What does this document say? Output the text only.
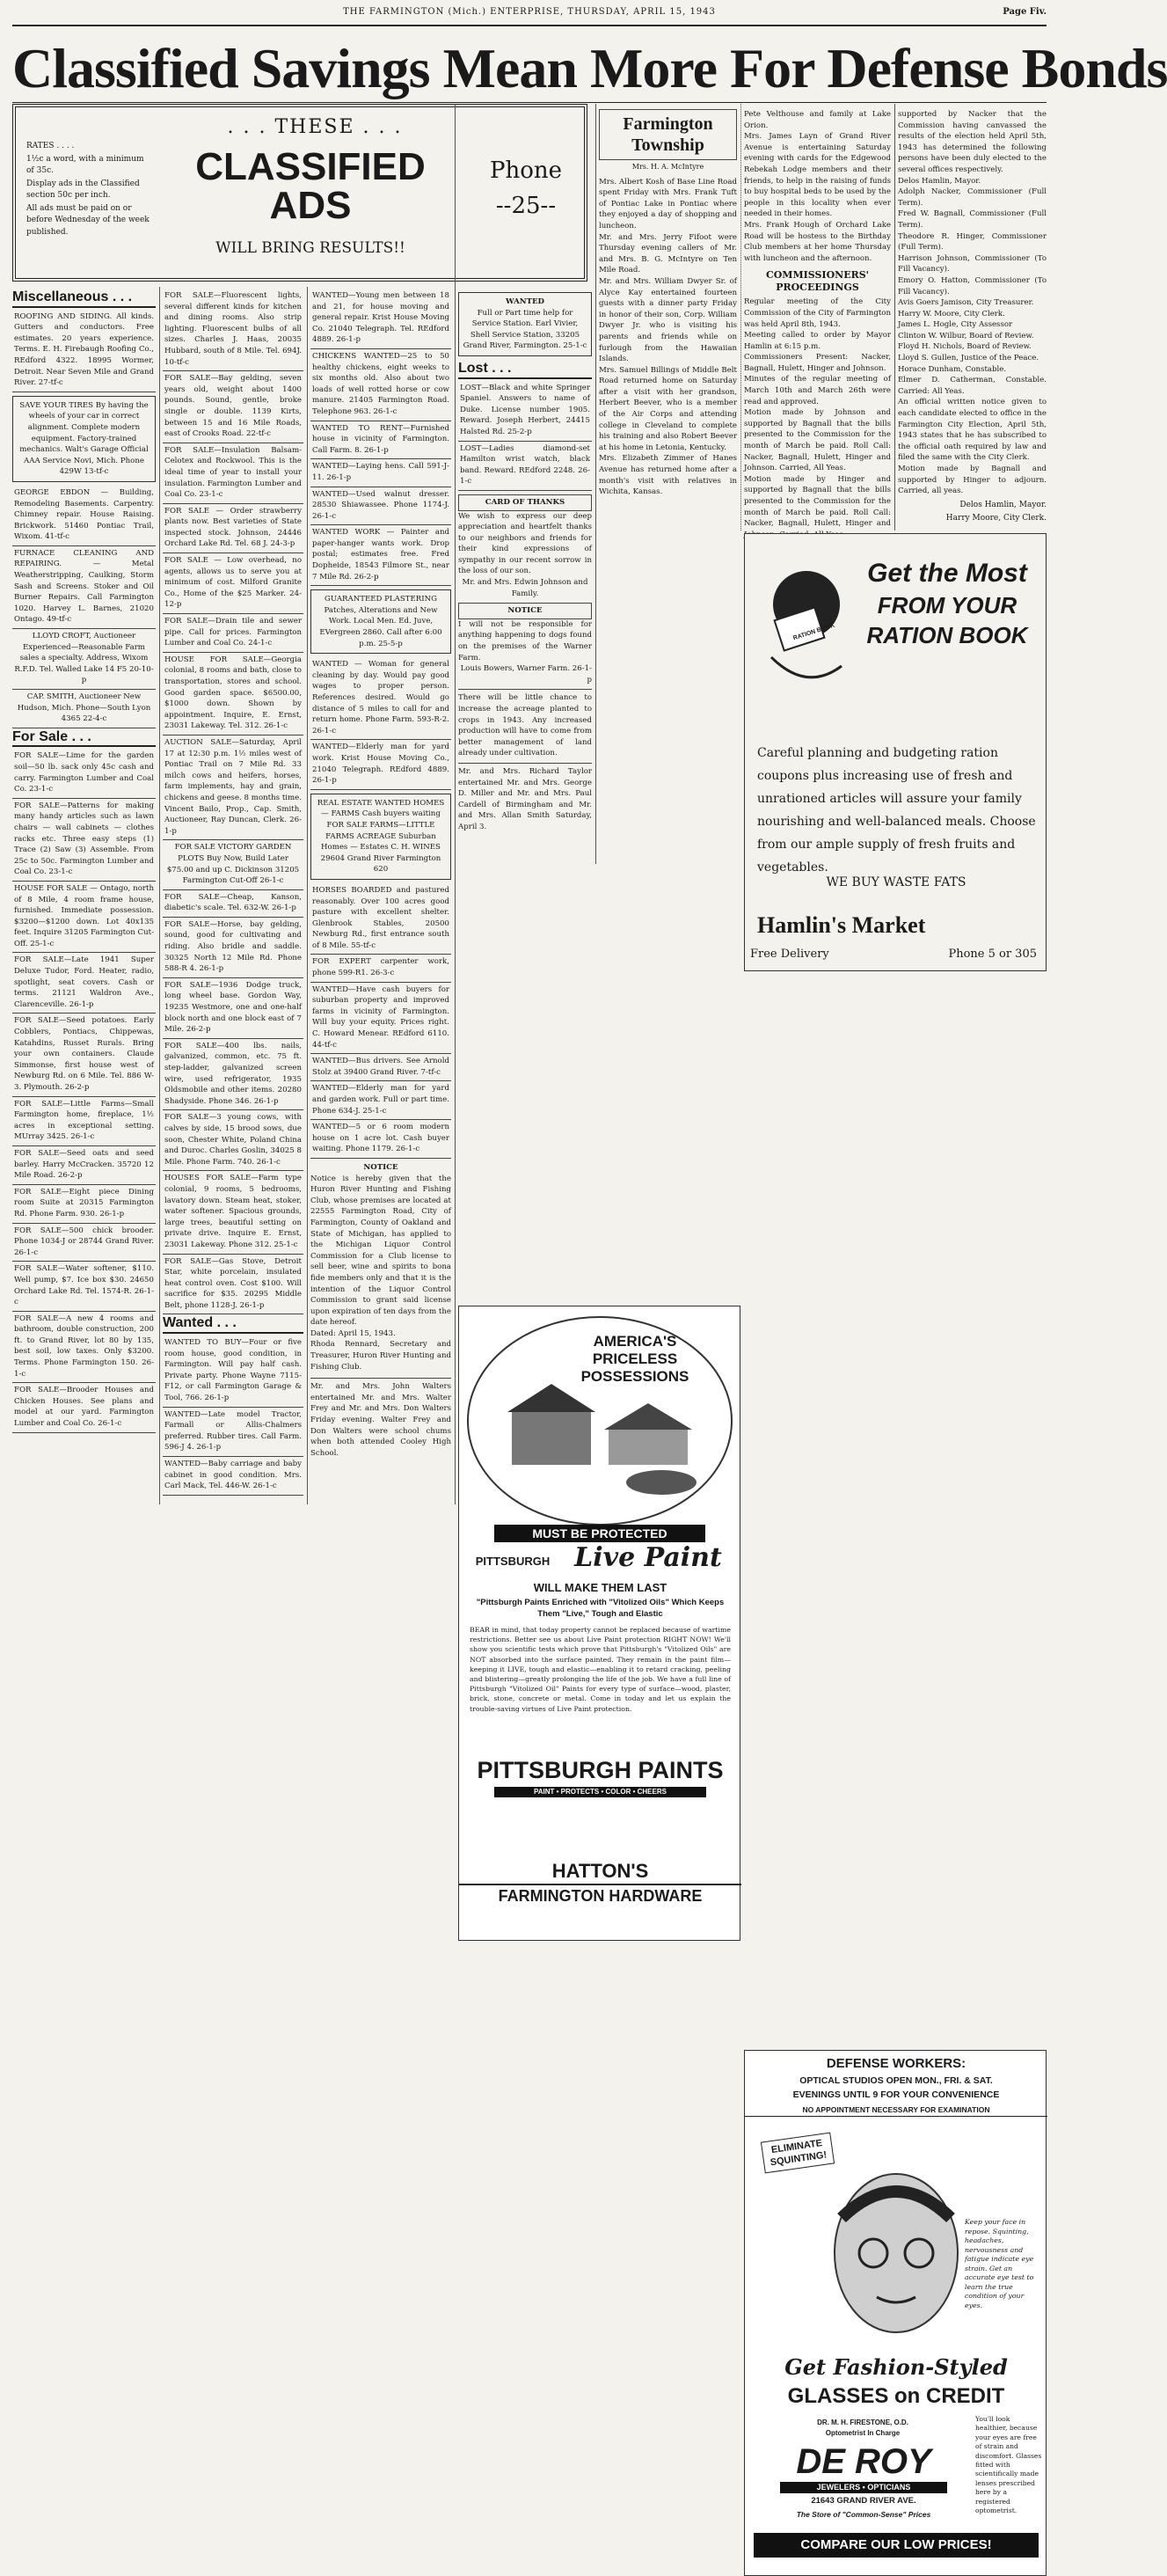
THE FARMINGTON (Mich.) ENTERPRISE, THURSDAY, APRIL 15, 1943	Page Fiv.
Classified Savings Mean More For Defense Bonds
RATES . . . .
1½c a word, with a minimum of 35c.
Display ads in the Classified section 50c per inch.
All ads must be paid on or before Wednesday of the week published.
. . . THESE . . .
CLASSIFIED
ADS
WILL BRING RESULTS!!
Phone
--25--
Miscellaneous . . .
ROOFING AND SIDING. All kinds. Gutters and conductors. Free estimates. 20 years experience. Terms. E. H. Firebaugh Roofing Co., REdford 4322. 18995 Wormer, Detroit. Near Seven Mile and Grand River. 27-tf-c
SAVE YOUR TIRES By having the wheels of your car in correct alignment. Complete modern equipment. Factory-trained mechanics. Walt's Garage Official AAA Service Novi, Mich. Phone 429W 13-tf-c
GEORGE EBDON — Building, Remodeling Basements. Carpentry. Chimney repair. House Raising. Brickwork. 51460 Pontiac Trail, Wixom. 41-tf-c
FURNACE CLEANING AND REPAIRING. — Metal Weatherstripping, Caulking, Storm Sash and Screens. Stoker and Oil Burner Repairs. Call Farmington 1020. Harvey L. Barnes, 21020 Ontago. 49-tf-c
LLOYD CROFT, Auctioneer Experienced—Reasonable Farm sales a specialty. Address, Wixom R.F.D. Tel. Walled Lake 14 F5 20-10-p
CAP. SMITH, Auctioneer New Hudson, Mich. Phone—South Lyon 4365 22-4-c
For Sale . . .
FOR SALE—Lime for the garden soil—50 lb. sack only 45c cash and carry. Farmington Lumber and Coal Co. 23-1-c
FOR SALE—Patterns for making many handy articles such as lawn chairs — wall cabinets — clothes racks etc. Three easy steps (1) Trace (2) Saw (3) Assemble. From 25c to 50c. Farmington Lumber and Coal Co. 23-1-c
HOUSE FOR SALE — Ontago, north of 8 Mile, 4 room frame house, furnished. Immediate possession. $3200—$1200 down. Lot 40x135 feet. Inquire 31205 Farmington Cut-Off. 25-1-c
FOR SALE—Late 1941 Super Deluxe Tudor, Ford. Heater, radio, spotlight, seat covers. Cash or terms. 21121 Waldron Ave., Clarenceville. 26-1-p
FOR SALE—Seed potatoes. Early Cobblers, Pontiacs, Chippewas, Katahdins, Russet Rurals. Bring your own containers. Claude Simmonse, first house west of Newburg Rd. on 6 Mile. Tel. 886 W-3. Plymouth. 26-2-p
FOR SALE—Little Farms—Small Farmington home, fireplace, 1½ acres in exceptional setting. MUrray 3425. 26-1-c
FOR SALE—Seed oats and seed barley. Harry McCracken. 35720 12 Mile Road. 26-2-p
FOR SALE—Eight piece Dining room Suite at 20315 Farmington Rd. Phone Farm. 930. 26-1-p
FOR SALE—500 chick brooder. Phone 1034-J or 28744 Grand River. 26-1-c
FOR SALE—Water softener, $110. Well pump, $7. Ice box $30. 24650 Orchard Lake Rd. Tel. 1574-R. 26-1-c
FOR SALE—A new 4 rooms and bathroom, double construction, 200 ft. to Grand River, lot 80 by 135, best soil, low taxes. Only $3200. Terms. Phone Farmington 150. 26-1-c
FOR SALE—Brooder Houses and Chicken Houses. See plans and model at our yard. Farmington Lumber and Coal Co. 26-1-c
FOR SALE—Fluorescent lights, several different kinds for kitchen and dining rooms. Also strip lighting. Fluorescent bulbs of all sizes. Charles J. Haas, 20035 Hubbard, south of 8 Mile. Tel. 694J. 10-tf-c
FOR SALE—Bay gelding, seven years old, weight about 1400 pounds. Sound, gentle, broke single or double. 1139 Kirts, between 15 and 16 Mile Roads, east of Crooks Road. 22-tf-c
FOR SALE—Insulation Balsam-Celotex and Rockwool. This is the ideal time of year to install your insulation. Farmington Lumber and Coal Co. 23-1-c
FOR SALE — Order strawberry plants now. Best varieties of State inspected stock. Johnson, 24446 Orchard Lake Rd. Tel. 68 J. 24-3-p
FOR SALE — Low overhead, no agents, allows us to serve you at minimum of cost. Milford Granite Co., Home of the $25 Marker. 24-12-p
FOR SALE—Drain tile and sewer pipe. Call for prices. Farmington Lumber and Coal Co. 24-1-c
HOUSE FOR SALE—Georgia colonial, 8 rooms and bath, close to transportation, stores and school. Good garden space. $6500.00, $1000 down. Shown by appointment. Inquire, E. Ernst, 23031 Lakeway. Tel. 312. 26-1-c
AUCTION SALE—Saturday, April 17 at 12:30 p.m. 1½ miles west of Pontiac Trail on 7 Mile Rd. 33 milch cows and heifers, horses, farm implements, hay and grain, chickens and geese. 8 months time. Vincent Bailo, Prop., Cap. Smith, Auctioneer, Ray Duncan, Clerk. 26-1-p
FOR SALE VICTORY GARDEN PLOTS Buy Now, Build Later $75.00 and up C. Dickinson 31205 Farmington Cut-Off 26-1-c
FOR SALE—Cheap, Kanson, diabetic's scale. Tel. 632-W. 26-1-p
FOR SALE—Horse, bay gelding, sound, good for cultivating and riding. Also bridle and saddle. 30325 North 12 Mile Rd. Phone 588-R 4. 26-1-p
FOR SALE—1936 Dodge truck, long wheel base. Gordon Way, 19235 Westmore, one and one-half block north and one block east of 7 Mile. 26-2-p
FOR SALE—400 lbs. nails, galvanized, common, etc. 75 ft. step-ladder, galvanized screen wire, used refrigerator, 1935 Oldsmobile and other items. 20280 Shadyside. Phone 346. 26-1-p
FOR SALE—3 young cows, with calves by side, 15 brood sows, due soon, Chester White, Poland China and Duroc. Charles Goslin, 34025 8 Mile. Phone Farm. 740. 26-1-c
HOUSES FOR SALE—Farm type colonial, 9 rooms, 5 bedrooms, lavatory down. Steam heat, stoker, water softener. Spacious grounds, large trees, beautiful setting on private drive. Inquire E. Ernst, 23031 Lakeway. Phone 312. 25-1-c
FOR SALE—Gas Stove, Detroit Star, white porcelain, insulated heat control oven. Cost $100. Will sacrifice for $35. 20295 Middle Belt, phone 1128-J. 26-1-p
Wanted . . .
WANTED TO BUY—Four or five room house, good condition, in Farmington. Will pay half cash. Private party. Phone Wayne 7115-F12, or call Farmington Garage & Tool, 766. 26-1-p
WANTED—Late model Tractor, Farmall or Allis-Chalmers preferred. Rubber tires. Call Farm. 596-J 4. 26-1-p
WANTED—Baby carriage and baby cabinet in good condition. Mrs. Carl Mack, Tel. 446-W. 26-1-c
WANTED—Young men between 18 and 21, for house moving and general repair. Krist House Moving Co. 21040 Telegraph. Tel. REdford 4889. 26-1-p
CHICKENS WANTED—25 to 50 healthy chickens, eight weeks to six months old. Also about two loads of well rotted horse or cow manure. 21405 Farmington Road. Telephone 963. 26-1-c
WANTED TO RENT—Furnished house in vicinity of Farmington. Call Farm. 8. 26-1-p
WANTED—Laying hens. Call 591-J-11. 26-1-p
WANTED—Used walnut dresser. 28530 Shiawassee. Phone 1174-J. 26-1-c
WANTED WORK — Painter and paper-hanger wants work. Drop postal; estimates free. Fred Dopheide, 18543 Filmore St., near 7 Mile Rd. 26-2-p
GUARANTEED PLASTERING Patches, Alterations and New Work. Local Men. Ed. Juve, EVergreen 2860. Call after 6:00 p.m. 25-5-p
WANTED — Woman for general cleaning by day. Would pay good wages to proper person. References desired. Would go distance of 5 miles to call for and return home. Phone Farm. 593-R-2. 26-1-c
WANTED—Elderly man for yard work. Krist House Moving Co., 21040 Telegraph. REdford 4889. 26-1-p
REAL ESTATE WANTED HOMES — FARMS Cash buyers waiting FOR SALE FARMS—LITTLE FARMS ACREAGE Suburban Homes — Estates C. H. WINES 29604 Grand River Farmington 620
HORSES BOARDED and pastured reasonably. Over 100 acres good pasture with excellent shelter. Glenbrook Stables, 20500 Newburg Rd., first entrance south of 8 Mile. 55-tf-c
FOR EXPERT carpenter work, phone 599-R1. 26-3-c
WANTED—Have cash buyers for suburban property and improved farms in vicinity of Farmington. Will buy your equity. Prices right. C. Howard Menear. REdford 6110. 44-tf-c
WANTED—Bus drivers. See Arnold Stolz at 39400 Grand River. 7-tf-c
WANTED—Elderly man for yard and garden work. Full or part time. Phone 634-J. 25-1-c
WANTED—5 or 6 room modern house on 1 acre lot. Cash buyer waiting. Phone 1179. 26-1-c
NOTICE
Notice is hereby given that the Huron River Hunting and Fishing Club, whose premises are located at 22555 Farmington Road, City of Farmington, County of Oakland and State of Michigan, has applied to the Michigan Liquor Control Commission for a Club license to sell beer, wine and spirits to bona fide members only and that it is the intention of the Liquor Control Commission to grant said license upon expiration of ten days from the date hereof.
Dated: April 15, 1943.
Rhoda Rennard, Secretary and Treasurer, Huron River Hunting and Fishing Club.
Mr. and Mrs. John Walters entertained Mr. and Mrs. Walter Frey and Mr. and Mrs. Don Walters Friday evening. Walter Frey and Don Walters were school chums when both attended Cooley High School.
WANTED
Full or Part time help for Service Station. Earl Vivier, Shell Service Station, 33205 Grand River, Farmington. 25-1-c
Lost . . .
LOST—Black and white Springer Spaniel. Answers to name of Duke. License number 1905. Reward. Joseph Herbert, 24415 Halsted Rd. 25-2-p
LOST—Ladies diamond-set Hamilton wrist watch, black band. Reward. REdford 2248. 26-1-c
CARD OF THANKS
We wish to express our deep appreciation and heartfelt thanks to our neighbors and friends for their kind expressions of sympathy in our recent sorrow in the loss of our son.
Mr. and Mrs. Edwin Johnson and Family.
NOTICE
I will not be responsible for anything happening to dogs found on the premises of the Warner Farm.
Louis Bowers, Warner Farm. 26-1-p
There will be little chance to increase the acreage planted to crops in 1943. Any increased production will have to come from better management of land already under cultivation.
Mr. and Mrs. Richard Taylor entertained Mr. and Mrs. George D. Miller and Mr. and Mrs. Paul Cardell of Birmingham and Mr. and Mrs. Allan Smith Saturday, April 3.
Farmington Township
Mrs. H. A. McIntyre
Mrs. Albert Kosh of Base Line Road spent Friday with Mrs. Frank Tuft of Pontiac Lake in Pontiac where they enjoyed a day of shopping and luncheon.
Mr. and Mrs. Jerry Fifoot were Thursday evening callers of Mr. and Mrs. B. G. McIntyre on Ten Mile Road.
Mr. and Mrs. William Dwyer Sr. of Alyce Kay entertained fourteen guests with a dinner party Friday in honor of their son, Corp. William Dwyer Jr. who is visiting his parents and friends while on furlough from the Hawaiian Islands.
Mrs. Samuel Billings of Middle Belt Road returned home on Saturday after a visit with her grandson, Herbert Beever, who is a member of the Air Corps and attending college in Cleveland to complete his training and also Robert Beever at his home in Letonia, Kentucky.
Mrs. Elizabeth Zimmer of Hanes Avenue has returned home after a month's visit with relatives in Wichita, Kansas.
Pete Velthouse and family at Lake Orion.
Mrs. James Layn of Grand River Avenue is entertaining Saturday evening with cards for the Edgewood Rebekah Lodge members and their friends, to help in the raising of funds to buy hospital beds to be used by the people in this locality when ever needed in their homes.
Mrs. Frank Hough of Orchard Lake Road will be hostess to the Birthday Club members at her home Thursday with luncheon and the afternoon.
COMMISSIONERS' PROCEEDINGS
Regular meeting of the City Commission of the City of Farmington was held April 8th, 1943.
Meeting called to order by Mayor Hamlin at 6:15 p.m.
Commissioners Present: Nacker, Bagnall, Hulett, Hinger and Johnson.
Minutes of the regular meeting of March 10th and March 26th were read and approved.
Motion made by Johnson and supported by Bagnall that the bills presented to the Commission for the month of March be paid. Roll Call: Nacker, Bagnall, Hulett, Hinger and Johnson. Carried, All Yeas.
Motion made by Hinger and supported by Bagnall that the bills presented to the Commission for the month of March be paid. Roll Call: Nacker, Bagnall, Hulett, Hinger and
supported by Nacker that the Commission having canvassed the results of the election held April 5th, 1943 has determined the following persons have been duly elected to the several offices respectively.
Delos Hamlin, Mayor.
Adolph Nacker, Commissioner (Full Term).
Fred W. Bagnall, Commissioner (Full Term).
Theodore R. Hinger, Commissioner (Full Term).
Harrison Johnson, Commissioner (To Fill Vacancy).
Emory O. Hatton, Commissioner (To Fill Vacancy).
Avis Goers Jamison, City Treasurer.
Harry W. Moore, City Clerk.
James L. Hogle, City Assessor
Clinton W. Wilbur, Board of Review.
Floyd H. Nichols, Board of Review.
Lloyd S. Gullen, Justice of the Peace.
Horace Dunham, Constable.
Elmer D. Catherman, Constable. Carried: All Yeas.
An official written notice given to each candidate elected to office in the Farmington City Election, April 5th, 1943 states that he has subscribed to the official oath required by law and filed the same with the City Clerk.
Motion made by Bagnall and supported by Hinger to adjourn. Carried, all yeas.
Delos Hamlin, Mayor.
Harry Moore, City Clerk.
RATION BOOK
Get the Most
FROM YOUR
RATION BOOK
Careful planning and budgeting ration coupons plus increasing use of fresh and unrationed articles will assure your family nourishing and well-balanced meals. Choose from our ample supply of fresh fruits and vegetables.
WE BUY WASTE FATS
Hamlin's Market
Free Delivery	Phone 5 or 305
AMERICA'S
PRICELESS
POSSESSIONS
MUST BE PROTECTED
PITTSBURGH Live Paint
WILL MAKE THEM LAST
"Pittsburgh Paints Enriched with "Vitolized Oils" Which Keeps Them "Live," Tough and Elastic
BEAR in mind, that today property cannot be replaced because of wartime restrictions. Better see us about Live Paint protection RIGHT NOW! We'll show you scientific tests which prove that Pittsburgh's "Vitolized Oils" are NOT absorbed into the surface painted. They remain in the paint film—keeping it LIVE, tough and elastic—enabling it to retard cracking, peeling and blistering—greatly prolonging the life of the job. We have a full line of Pittsburgh "Vitolized Oil" Paints for every type of surface—wood, plaster, brick, stone, concrete or metal. Come in today and let us explain the trouble-saving virtues of Live Paint protection.
PITTSBURGH PAINTS
PAINT • PROTECTS • COLOR • CHEERS
HATTON'S
FARMINGTON HARDWARE
DEFENSE WORKERS:
OPTICAL STUDIOS OPEN MON., FRI. & SAT.
EVENINGS UNTIL 9 FOR YOUR CONVENIENCE
NO APPOINTMENT NECESSARY FOR EXAMINATION
ELIMINATE SQUINTING!
Keep your face in repose. Squinting, headaches, nervousness and fatigue indicate eye strain. Get an accurate eye test to learn the true condition of your eyes.
Get Fashion-Styled
GLASSES on CREDIT
You'll look healthier, because your eyes are free of strain and discomfort. Glasses fitted with scientifically made lenses prescribed here by a registered optometrist.
DR. M. H. FIRESTONE, O.D.
Optometrist In Charge
DE ROY
JEWELERS • OPTICIANS
21643 GRAND RIVER AVE.
The Store of "Common-Sense" Prices
COMPARE OUR LOW PRICES!
